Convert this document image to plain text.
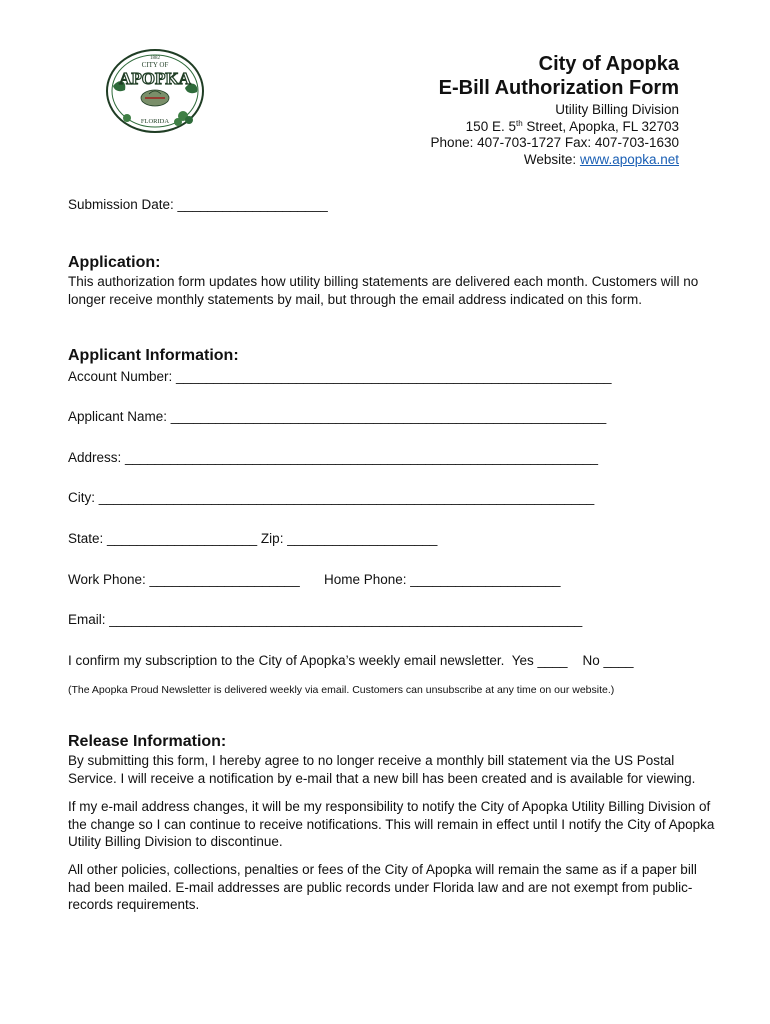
1882
CITY OF
APOPKA
FLORIDA
City of Apopka
E-Bill Authorization Form
Utility Billing Division
150 E. 5th Street, Apopka, FL 32703
Phone: 407-703-1727 Fax: 407-703-1630
Website: www.apopka.net
Submission Date: ____________________
Application:
This authorization form updates how utility billing statements are delivered each month. Customers will no longer receive monthly statements by mail, but through the email address indicated on this form.
Applicant Information:
Account Number: __________________________________________________________
Applicant Name: __________________________________________________________
Address: _______________________________________________________________
City: __________________________________________________________________
State: ____________________ Zip: ____________________
Work Phone: ____________________ Home Phone: ____________________
Email: _______________________________________________________________
I confirm my subscription to the City of Apopka’s weekly email newsletter.  Yes ____    No ____
(The Apopka Proud Newsletter is delivered weekly via email. Customers can unsubscribe at any time on our website.)
Release Information:
By submitting this form, I hereby agree to no longer receive a monthly bill statement via the US Postal Service. I will receive a notification by e-mail that a new bill has been created and is available for viewing.
If my e-mail address changes, it will be my responsibility to notify the City of Apopka Utility Billing Division of the change so I can continue to receive notifications. This will remain in effect until I notify the City of Apopka Utility Billing Division to discontinue.
All other policies, collections, penalties or fees of the City of Apopka will remain the same as if a paper bill had been mailed. E-mail addresses are public records under Florida law and are not exempt from public-records requirements.
